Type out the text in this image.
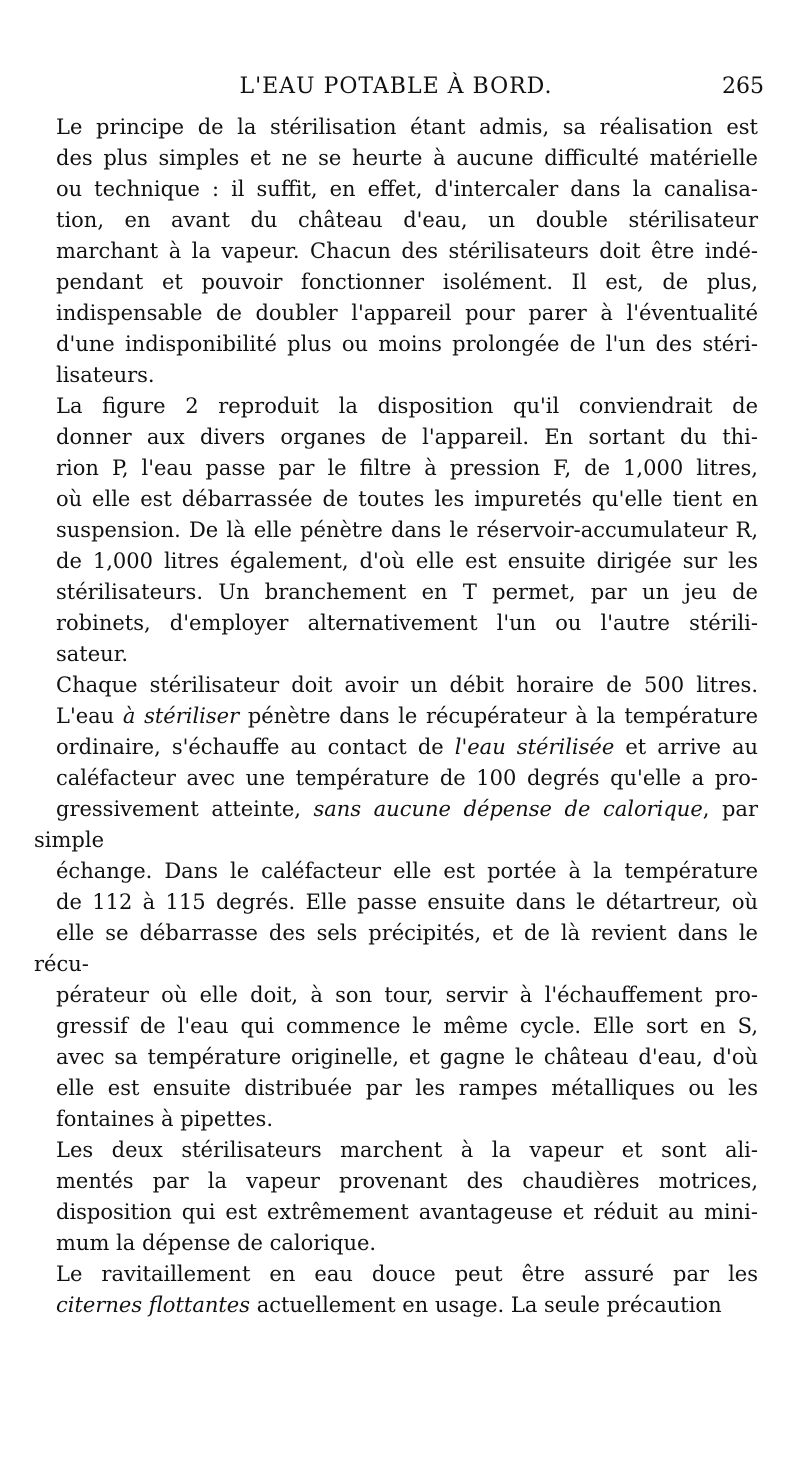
L'EAU POTABLE À BORD.	265

Le principe de la stérilisation étant admis, sa réalisation est
des plus simples et ne se heurte à aucune difficulté matérielle
ou technique : il suffit, en effet, d'intercaler dans la canalisa-
tion, en avant du château d'eau, un double stérilisateur
marchant à la vapeur. Chacun des stérilisateurs doit être indé-
pendant et pouvoir fonctionner isolément. Il est, de plus,
indispensable de doubler l'appareil pour parer à l'éventualité
d'une indisponibilité plus ou moins prolongée de l'un des stéri-
lisateurs.

La figure 2 reproduit la disposition qu'il conviendrait de
donner aux divers organes de l'appareil. En sortant du thi-
rion P, l'eau passe par le filtre à pression F, de 1,000 litres,
où elle est débarrassée de toutes les impuretés qu'elle tient en
suspension. De là elle pénètre dans le réservoir-accumulateur R,
de 1,000 litres également, d'où elle est ensuite dirigée sur les
stérilisateurs. Un branchement en T permet, par un jeu de
robinets, d'employer alternativement l'un ou l'autre stérili-
sateur.

Chaque stérilisateur doit avoir un débit horaire de 500 litres.
L'eau à stériliser pénètre dans le récupérateur à la température
ordinaire, s'échauffe au contact de l'eau stérilisée et arrive au
caléfacteur avec une température de 100 degrés qu'elle a pro-
gressivement atteinte, sans aucune dépense de calorique, par simple
échange. Dans le caléfacteur elle est portée à la température
de 112 à 115 degrés. Elle passe ensuite dans le détartreur, où
elle se débarrasse des sels précipités, et de là revient dans le récu-
pérateur où elle doit, à son tour, servir à l'échauffement pro-
gressif de l'eau qui commence le même cycle. Elle sort en S,
avec sa température originelle, et gagne le château d'eau, d'où
elle est ensuite distribuée par les rampes métalliques ou les
fontaines à pipettes.

Les deux stérilisateurs marchent à la vapeur et sont ali-
mentés par la vapeur provenant des chaudières motrices,
disposition qui est extrêmement avantageuse et réduit au mini-
mum la dépense de calorique.

Le ravitaillement en eau douce peut être assuré par les
citernes flottantes actuellement en usage. La seule précaution
